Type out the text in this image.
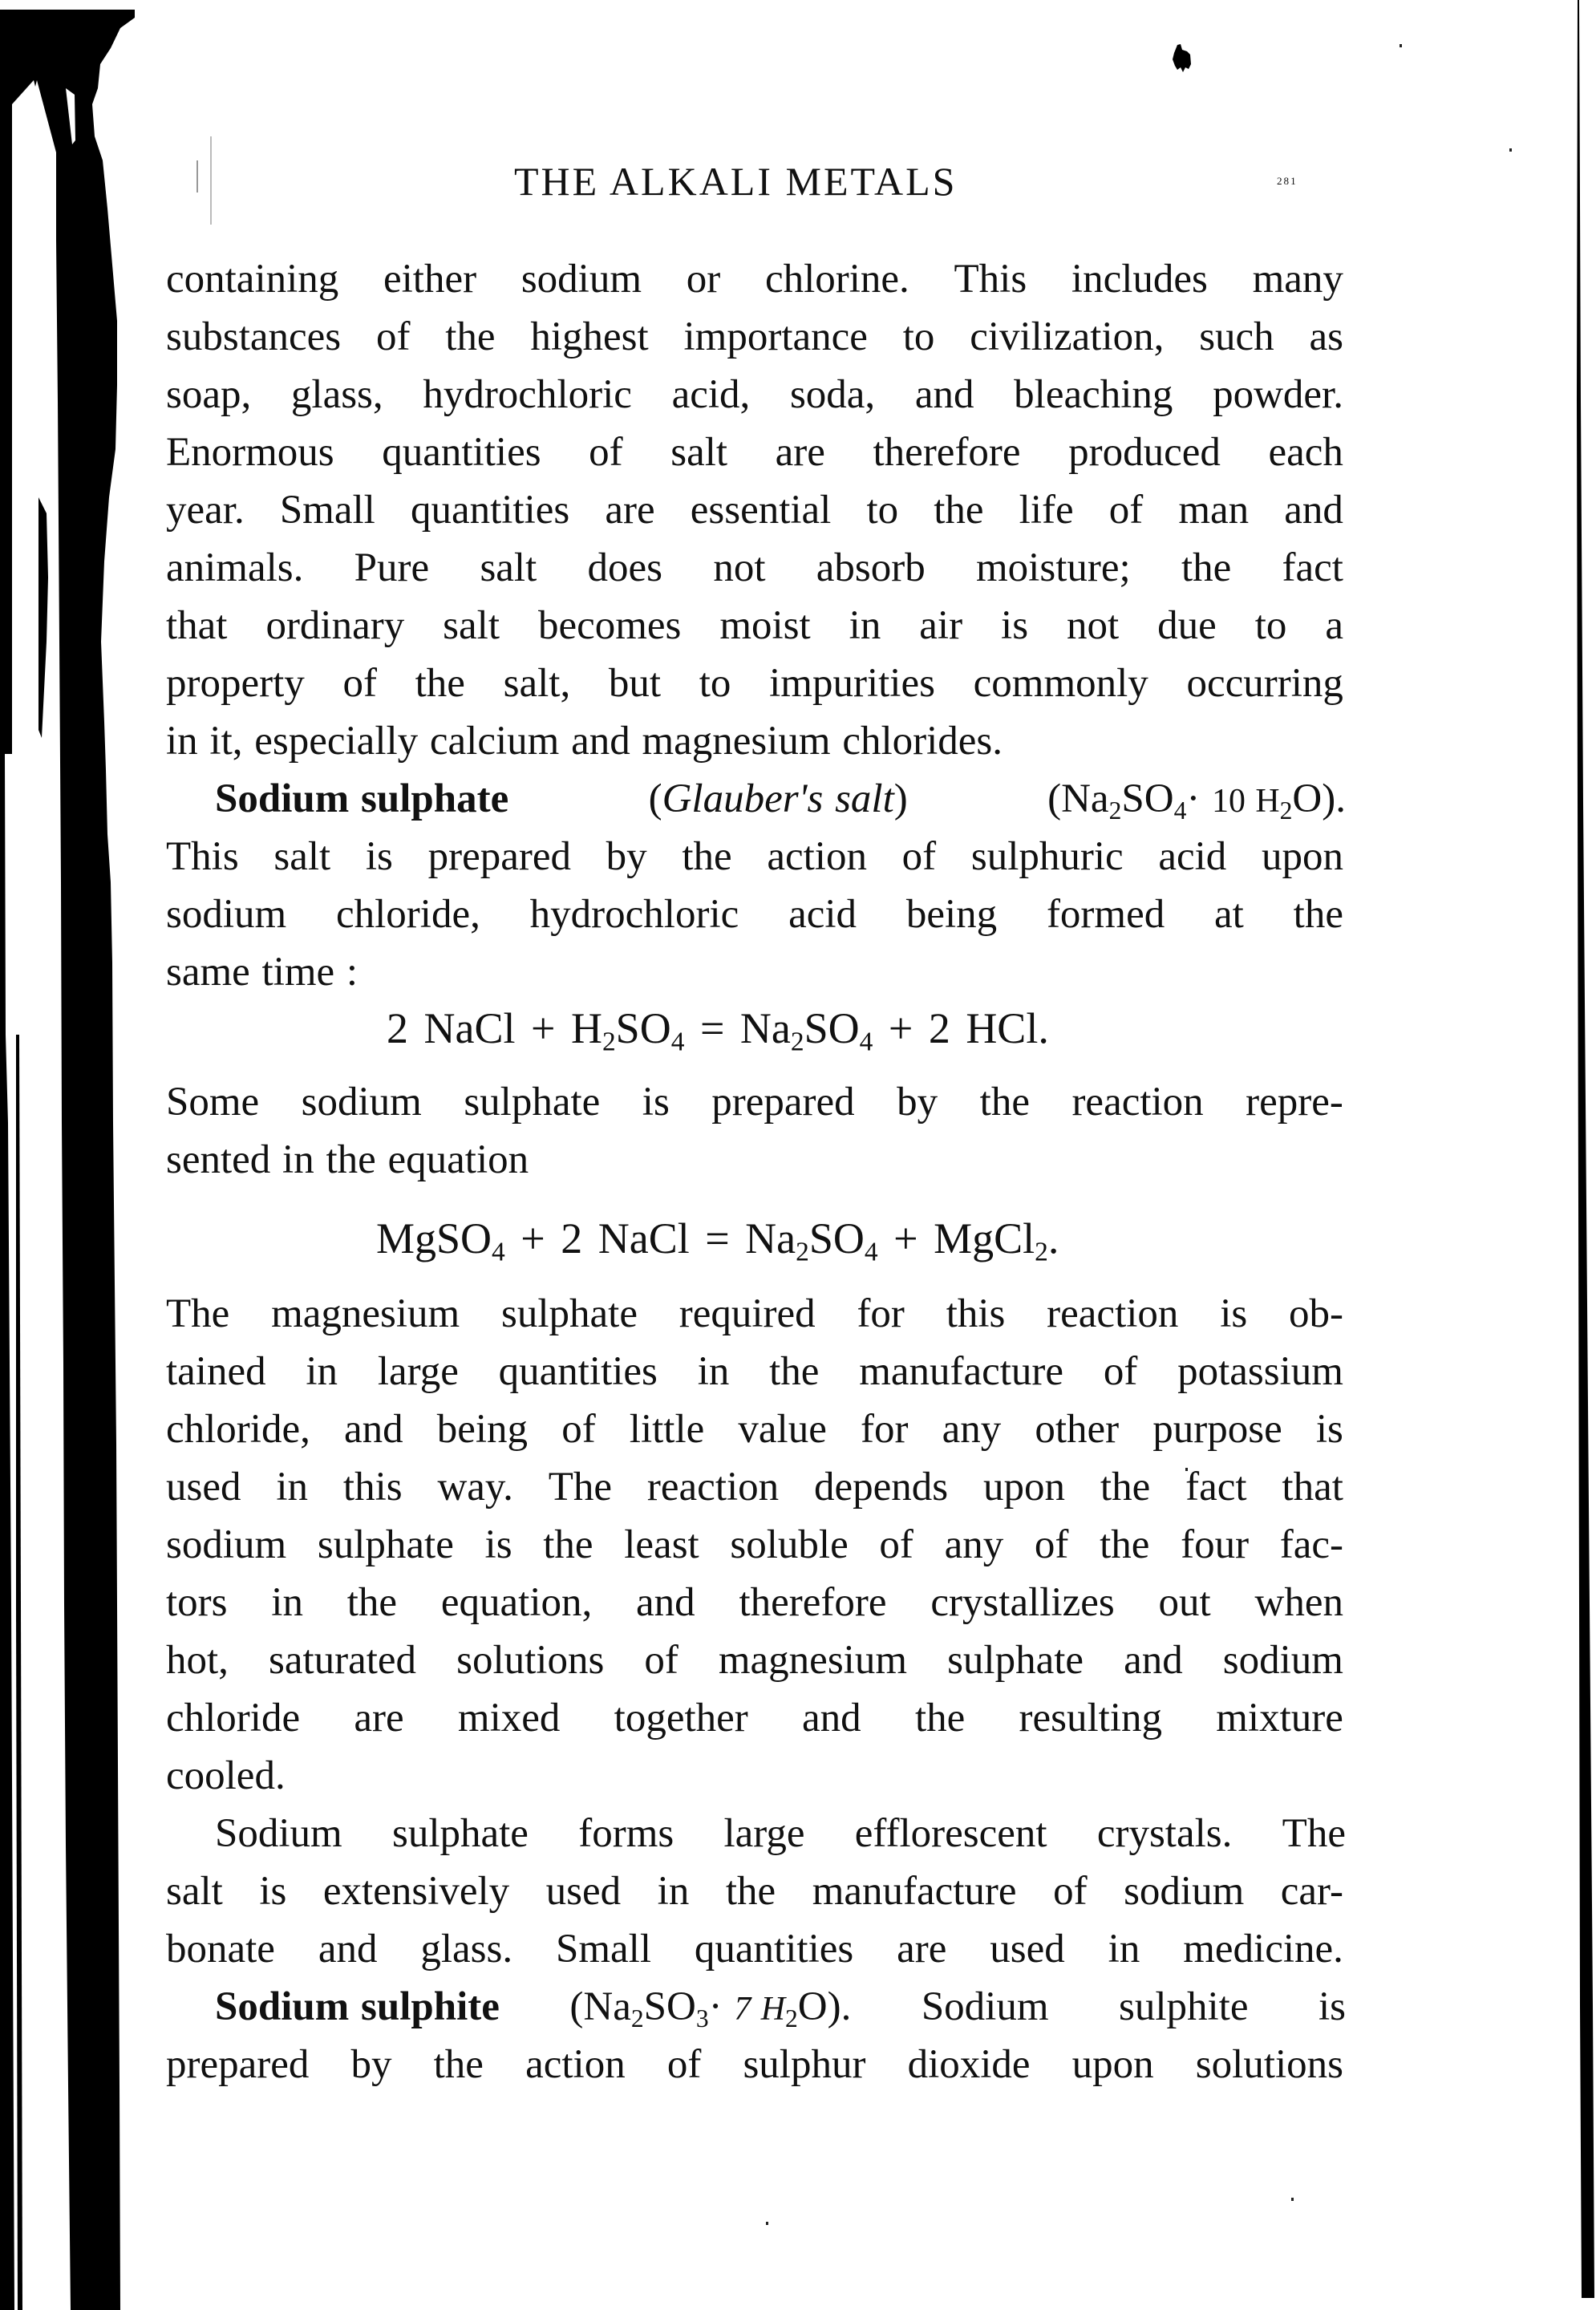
THE ALKALI METALS	281
containing either sodium or chlorine. This includes many
substances of the highest importance to civilization, such as
soap, glass, hydrochloric acid, soda, and bleaching powder.
Enormous quantities of salt are therefore produced each
year. Small quantities are essential to the life of man and
animals. Pure salt does not absorb moisture; the fact
that ordinary salt becomes moist in air is not due to a
property of the salt, but to impurities commonly occurring
in it, especially calcium and magnesium chlorides.
Sodium sulphate	(Glauber's salt)	($Na_2SO_4\cdot 10$ $H_2O$).
This salt is prepared by the action of sulphuric acid upon
sodium chloride, hydrochloric acid being formed at the
same time :
2 NaCl + $H_2SO_4 = Na_2SO_4 + 2$ HCl.
Some sodium sulphate is prepared by the reaction repre-
sented in the equation
MgSO$_4$ + 2 NaCl = $Na_2SO_4$ + MgCl$_2$.
The magnesium sulphate required for this reaction is ob-
tained in large quantities in the manufacture of potassium
chloride, and being of little value for any other purpose is
used in this way. The reaction depends upon the fact that
sodium sulphate is the least soluble of any of the four fac-
tors in the equation, and therefore crystallizes out when
hot, saturated solutions of magnesium sulphate and sodium
chloride are mixed together and the resulting mixture
cooled.
Sodium sulphate forms large efflorescent crystals. The
salt is extensively used in the manufacture of sodium car-
bonate and glass. Small quantities are used in medicine.
Sodium sulphite ($Na_2SO_3\cdot 7$ $H_2O$). Sodium sulphite is
prepared by the action of sulphur dioxide upon solutions
